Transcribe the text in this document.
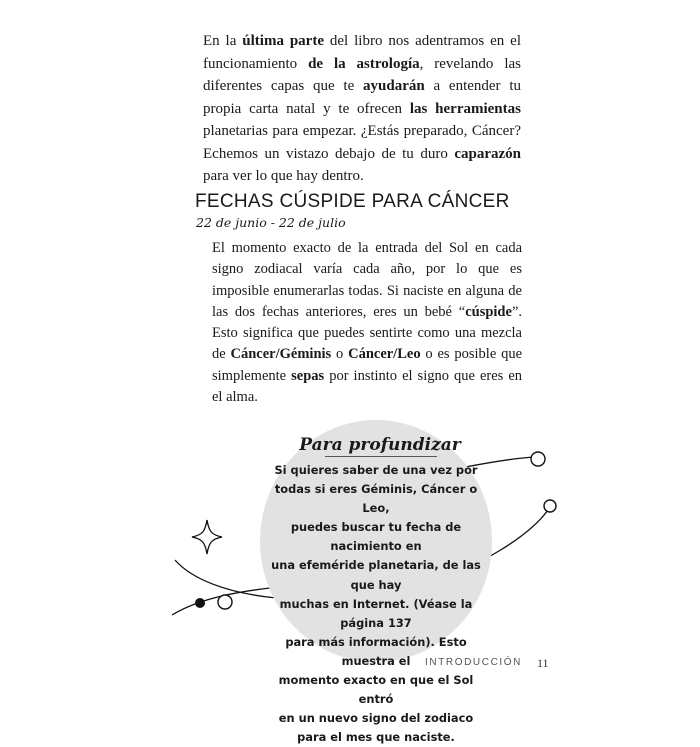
En la última parte del libro nos adentramos en el funcionamiento de la astrología, revelando las diferentes capas que te ayudarán a entender tu propia carta natal y te ofrecen las herramientas planetarias para empezar. ¿Estás preparado, Cáncer? Echemos un vistazo debajo de tu duro caparazón para ver lo que hay dentro.

FECHAS CÚSPIDE PARA CÁNCER
22 de junio - 22 de julio

El momento exacto de la entrada del Sol en cada signo zodiacal varía cada año, por lo que es imposible enumerarlas todas. Si naciste en alguna de las dos fechas anteriores, eres un bebé “cúspide”. Esto significa que puedes sentirte como una mezcla de Cáncer/Géminis o Cáncer/Leo o es posible que simplemente sepas por instinto el signo que eres en el alma.

Para profundizar
Si quieres saber de una vez por
todas si eres Géminis, Cáncer o Leo,
puedes buscar tu fecha de nacimiento en
una efeméride planetaria, de las que hay
muchas en Internet. (Véase la página 137
para más información). Esto muestra el
momento exacto en que el Sol entró
en un nuevo signo del zodiaco
para el mes que naciste.
INTRODUCCIÓN 11
